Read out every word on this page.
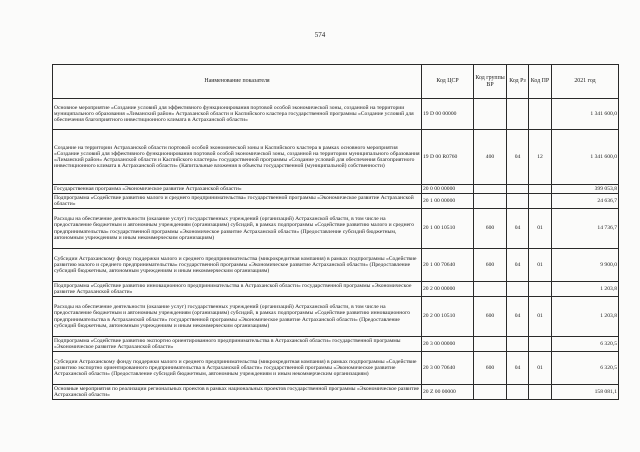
574
Наименование показателя	Код ЦСР	Код группы ВР	Код Рз	Код ПР	2021 год
Основное мероприятие «Создание условий для эффективного функционирования портовой особой экономической зоны, созданной на территории муниципального образования «Лиманский район» Астраханской области и Каспийского кластера государственной программы «Создание условий для обеспечения благоприятного инвестиционного климата в Астраханской области»	19 D 00 00000				1 341 600,0
Создание на территории Астраханской области портовой особой экономической зоны и Каспийского кластера в рамках основного мероприятия «Создание условий для эффективного функционирования портовой особой экономической зоны, созданной на территории муниципального образования «Лиманский район» Астраханской области и Каспийского кластера» государственной программы «Создание условий для обеспечения благоприятного инвестиционного климата в Астраханской области» (Капитальные вложения в объекты государственной (муниципальной) собственности)	19 D 00 R0760	400	04	12	1 341 600,0
Государственная программа «Экономическое развитие Астраханской области»	20 0 00 00000				399 053,8
Подпрограмма «Содействие развитию малого и среднего предпринимательства» государственной программы «Экономическое развитие Астраханской области»	20 1 00 00000				24 636,7
Расходы на обеспечение деятельности (оказание услуг) государственных учреждений (организаций) Астраханской области, в том числе на предоставление бюджетным и автономным учреждениям (организациям) субсидий, в рамках подпрограммы «Содействие развитию малого и среднего предпринимательства» государственной программы «Экономическое развитие Астраханской области» (Предоставление субсидий бюджетным, автономным учреждениям и иным некоммерческим организациям)	20 1 00 10510	600	04	01	14 736,7
Субсидии Астраханскому фонду поддержки малого и среднего предпринимательства (микрокредитная компания) в рамках подпрограммы «Содействие развитию малого и среднего предпринимательства» государственной программы «Экономическое развитие Астраханской области» (Предоставление субсидий бюджетным, автономным учреждениям и иным некоммерческим организациям)	20 1 00 70640	600	04	01	9 900,0
Подпрограмма «Содействие развитию инновационного предпринимательства в Астраханской области» государственной программы «Экономическое развитие Астраханской области»	20 2 00 00000				1 203,8
Расходы на обеспечение деятельности (оказание услуг) государственных учреждений (организаций) Астраханской области, в том числе на предоставление бюджетным и автономным учреждениям (организациям) субсидий, в рамках подпрограммы «Содействие развитию инновационного предпринимательства в Астраханской области» государственной программы «Экономическое развитие Астраханской области» (Предоставление субсидий бюджетным, автономным учреждениям и иным некоммерческим организациям)	20 2 00 10510	600	04	01	1 203,8
Подпрограмма «Содействие развитию экспортно ориентированного предпринимательства в Астраханской области» государственной программы «Экономическое развитие Астраханской области»	20 3 00 00000				6 320,5
Субсидии Астраханскому фонду поддержки малого и среднего предпринимательства (микрокредитная компания) в рамках подпрограммы «Содействие развитию экспортно ориентированного предпринимательства в Астраханской области» государственной программы «Экономическое развитие Астраханской области» (Предоставление субсидий бюджетным, автономным учреждениям и иным некоммерческим организациям)	20 3 00 70640	600	04	01	6 320,5
Основные мероприятия по реализации региональных проектов в рамках национальных проектов государственной программы «Экономическое развитие Астраханской области»	20 Z 00 00000				158 081,1
